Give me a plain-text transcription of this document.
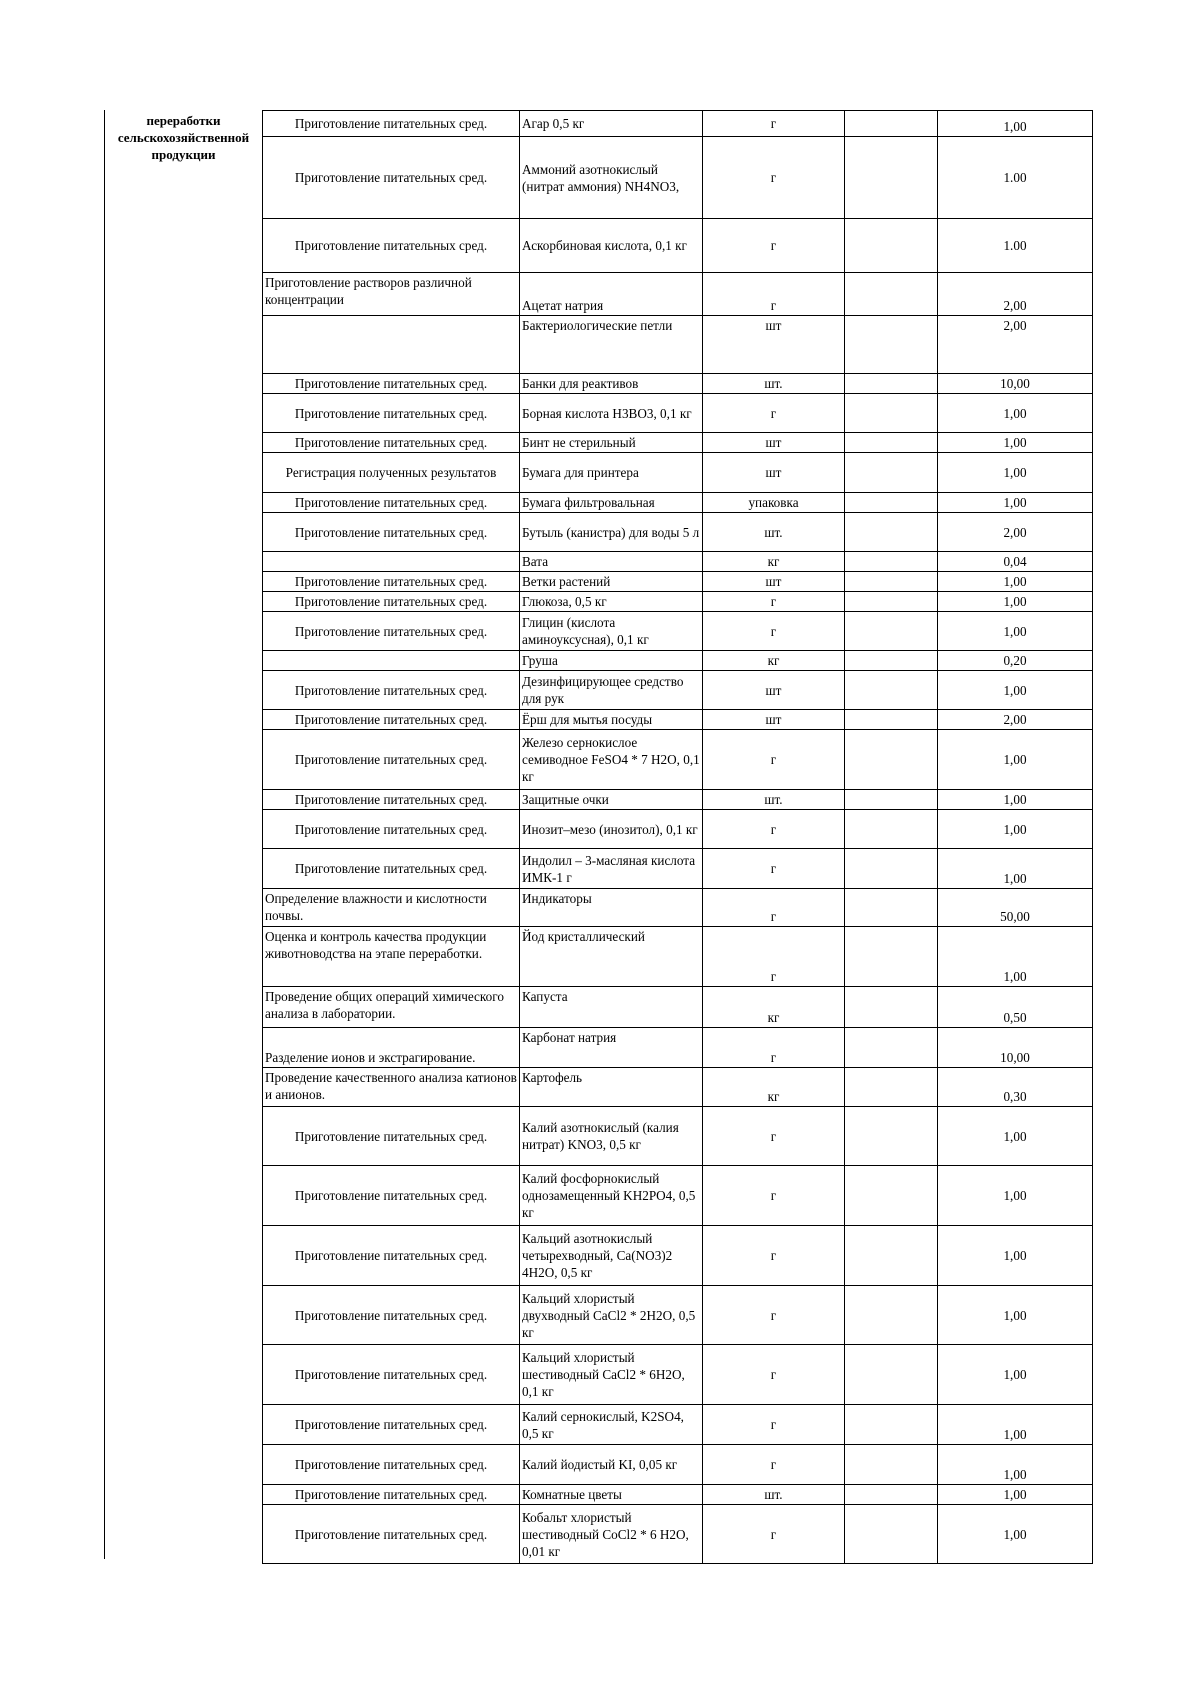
переработки сельскохозяйственной продукции
Приготовление питательных сред.	Агар 0,5 кг	г		1,00
Приготовление питательных сред.	Аммоний азотнокислый (нитрат аммония) NH4NO3,	г		1.00
Приготовление питательных сред.	Аскорбиновая кислота, 0,1 кг	г		1.00
Приготовление растворов различной концентрации	Ацетат натрия	г		2,00
	Бактериологические петли	шт		2,00
Приготовление питательных сред.	Банки для реактивов	шт.		10,00
Приготовление питательных сред.	Борная кислота Н3ВО3, 0,1 кг	г		1,00
Приготовление питательных сред.	Бинт не стерильный	шт		1,00
Регистрация полученных результатов	Бумага для принтера	шт		1,00
Приготовление питательных сред.	Бумага фильтровальная	упаковка		1,00
Приготовление питательных сред.	Бутыль (канистра) для воды 5 л	шт.		2,00
	Вата	кг		0,04
Приготовление питательных сред.	Ветки растений	шт		1,00
Приготовление питательных сред.	Глюкоза, 0,5 кг	г		1,00
Приготовление питательных сред.	Глицин (кислота аминоуксусная), 0,1 кг	г		1,00
	Груша	кг		0,20
Приготовление питательных сред.	Дезинфицирующее средство для рук	шт		1,00
Приготовление питательных сред.	Ёрш для мытья посуды	шт		2,00
Приготовление питательных сред.	Железо сернокислое семиводное FeSO4 * 7 H2O, 0,1 кг	г		1,00
Приготовление питательных сред.	Защитные очки	шт.		1,00
Приготовление питательных сред.	Инозит–мезо (инозитол), 0,1 кг	г		1,00
Приготовление питательных сред.	Индолил – 3-масляная кислота ИМК-1 г	г		1,00
Определение влажности и кислотности почвы.	Индикаторы	г		50,00
Оценка и контроль качества продукции животноводства на этапе переработки.	Йод кристаллический	г		1,00
Проведение общих операций химического анализа в лаборатории.	Капуста	кг		0,50
Разделение ионов и экстрагирование.	Карбонат натрия	г		10,00
Проведение качественного анализа катионов и анионов.	Картофель	кг		0,30
Приготовление питательных сред.	Калий азотнокислый (калия нитрат) KNO3, 0,5 кг	г		1,00
Приготовление питательных сред.	Калий фосфорнокислый однозамещенный KH2PO4, 0,5 кг	г		1,00
Приготовление питательных сред.	Кальций азотнокислый четырехводный, Ca(NO3)2 4H2O, 0,5 кг	г		1,00
Приготовление питательных сред.	Кальций хлористый двухводный CaCl2 * 2H2O, 0,5 кг	г		1,00
Приготовление питательных сред.	Кальций хлористый шестиводный CaCl2 * 6H2O, 0,1 кг	г		1,00
Приготовление питательных сред.	Калий сернокислый, K2SO4, 0,5 кг	г		1,00
Приготовление питательных сред.	Калий йодистый KI, 0,05 кг	г		1,00
Приготовление питательных сред.	Комнатные цветы	шт.		1,00
Приготовление питательных сред.	Кобальт хлористый шестиводный CoCl2 * 6 H2O, 0,01 кг	г		1,00
